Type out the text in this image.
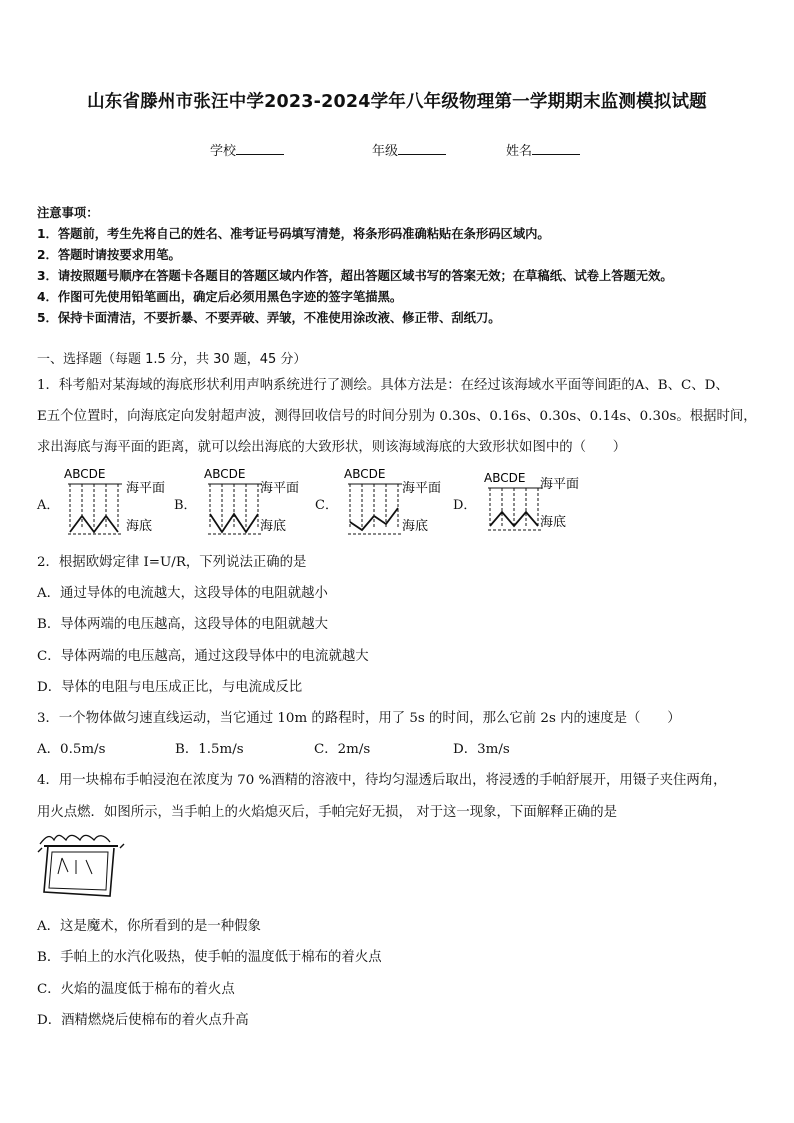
山东省滕州市张汪中学2023-2024学年八年级物理第一学期期末监测模拟试题
学校	年级	姓名
注意事项：
1．答题前，考生先将自己的姓名、准考证号码填写清楚，将条形码准确粘贴在条形码区域内。
2．答题时请按要求用笔。
3．请按照题号顺序在答题卡各题目的答题区域内作答，超出答题区域书写的答案无效；在草稿纸、试卷上答题无效。
4．作图可先使用铅笔画出，确定后必须用黑色字迹的签字笔描黑。
5．保持卡面清洁，不要折暴、不要弄破、弄皱，不准使用涂改液、修正带、刮纸刀。
一、选择题（每题 1.5 分，共 30 题，45 分）
1．科考船对某海域的海底形状利用声呐系统进行了测绘。具体方法是：在经过该海域水平面等间距的A、B、C、D、
E五个位置时，向海底定向发射超声波，测得回收信号的时间分别为 0.30s、0.16s、0.30s、0.14s、0.30s。根据时间，
求出海底与海平面的距离，就可以绘出海底的大致形状，则该海域海底的大致形状如图中的（　　）
A．
ABCDE
海平面
海底
B．
ABCDE
海平面
海底
C．
ABCDE
海平面
海底
D．
ABCDE 海平面
海底
2．根据欧姆定律 I=U/R，下列说法正确的是
A．通过导体的电流越大，这段导体的电阻就越小
B．导体两端的电压越高，这段导体的电阻就越大
C．导体两端的电压越高，通过这段导体中的电流就越大
D．导体的电阻与电压成正比，与电流成反比
3．一个物体做匀速直线运动，当它通过 10m 的路程时，用了 5s 的时间，那么它前 2s 内的速度是（　　）
A．0.5m/s	B．1.5m/s	C．2m/s	D．3m/s
4．用一块棉布手帕浸泡在浓度为 70 %酒精的溶液中，待均匀湿透后取出，将浸透的手帕舒展开，用镊子夹住两角，
用火点燃．如图所示，当手帕上的火焰熄灭后，手帕完好无损， 对于这一现象，下面解释正确的是
A．这是魔术，你所看到的是一种假象
B．手帕上的水汽化吸热，使手帕的温度低于棉布的着火点
C．火焰的温度低于棉布的着火点
D．酒精燃烧后使棉布的着火点升高
